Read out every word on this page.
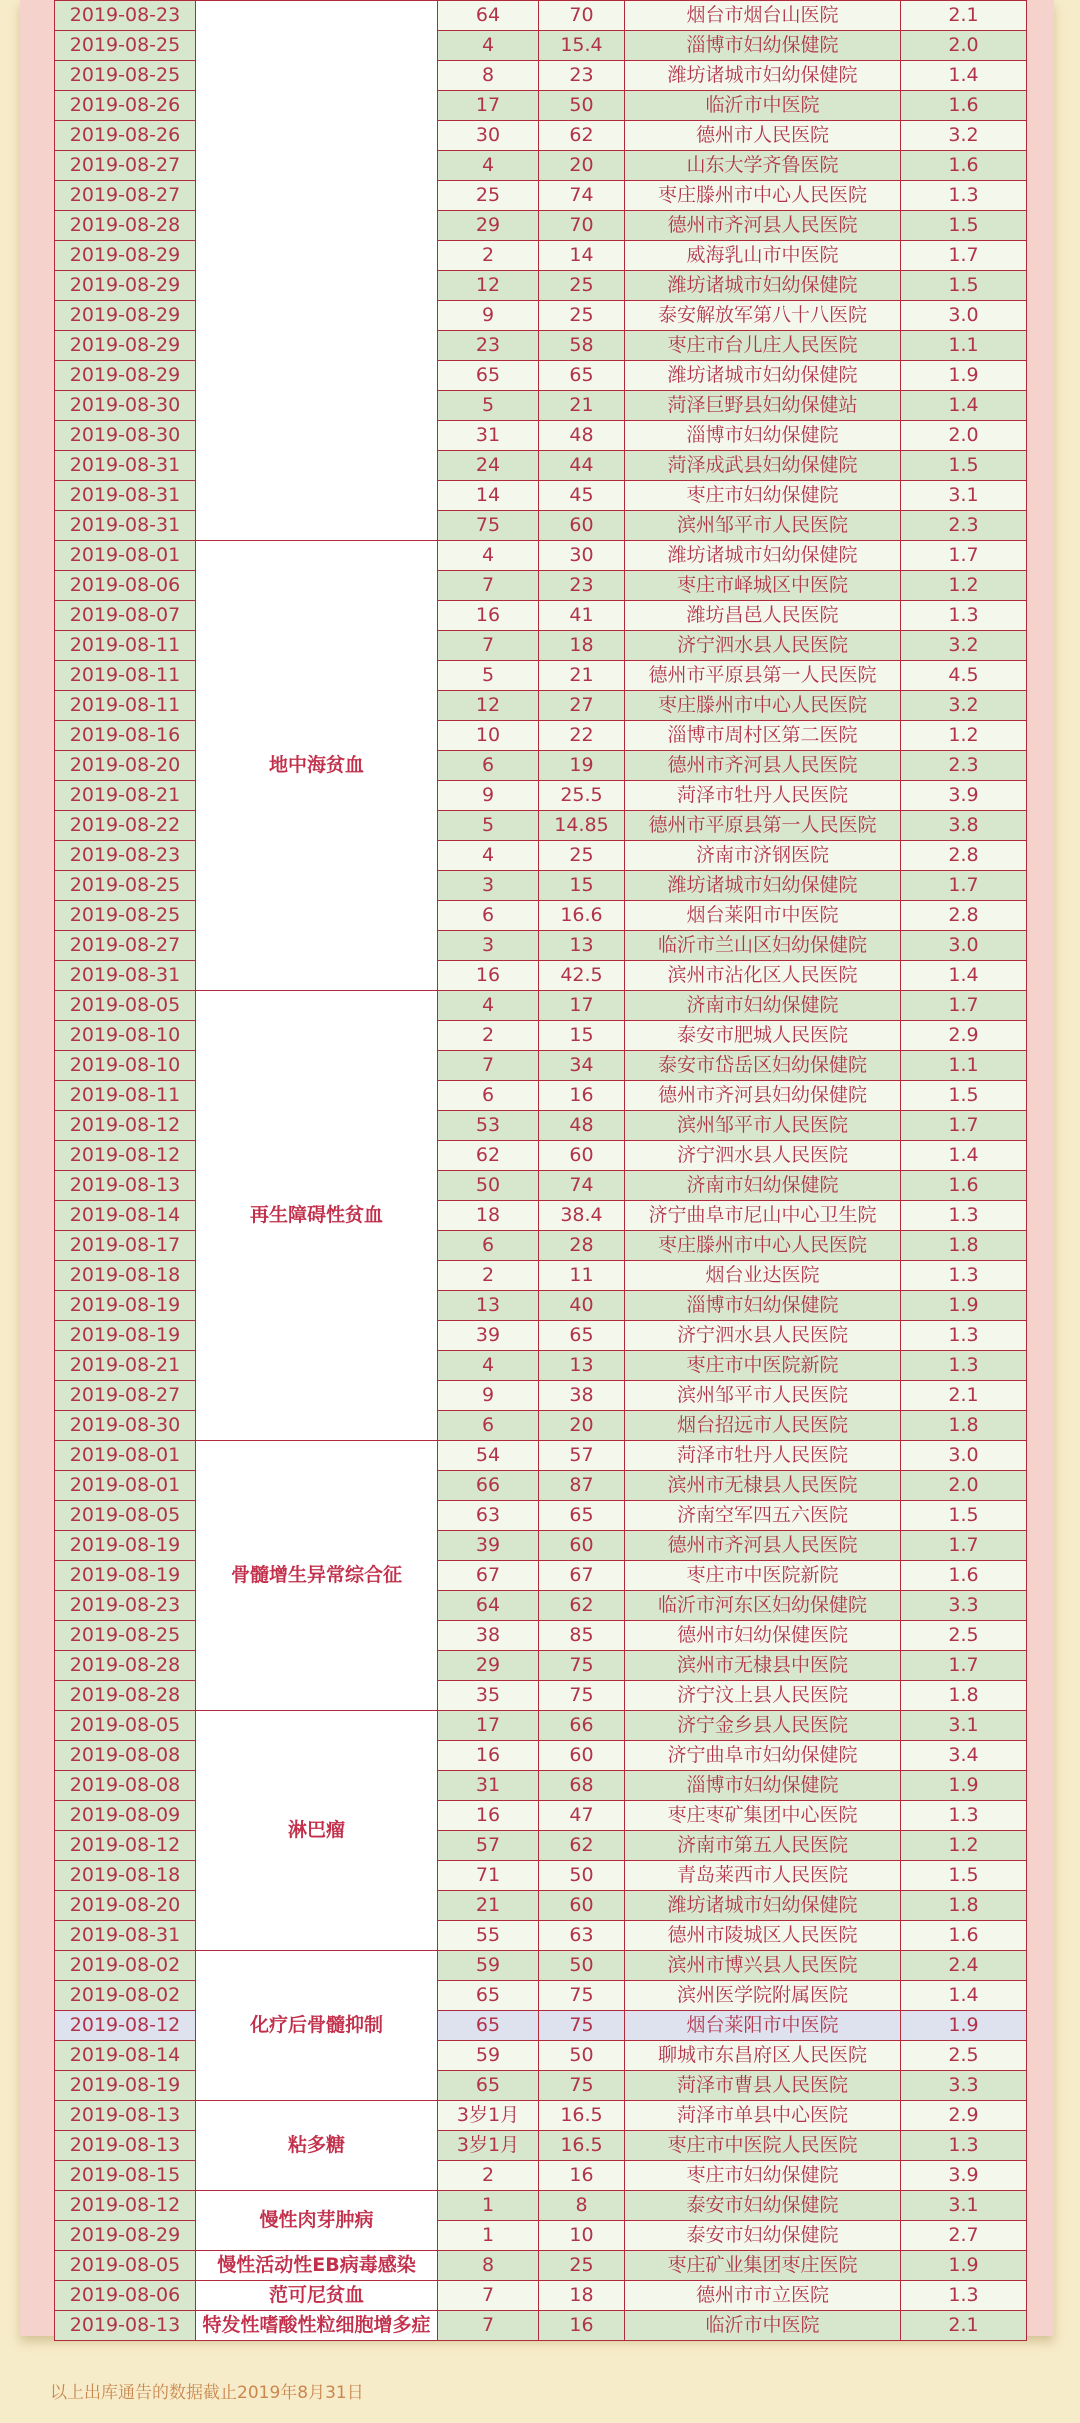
2019-08-23		64	70	烟台市烟台山医院	2.1
2019-08-25		4	15.4	淄博市妇幼保健院	2.0
2019-08-25		8	23	潍坊诸城市妇幼保健院	1.4
2019-08-26		17	50	临沂市中医院	1.6
2019-08-26		30	62	德州市人民医院	3.2
2019-08-27		4	20	山东大学齐鲁医院	1.6
2019-08-27		25	74	枣庄滕州市中心人民医院	1.3
2019-08-28		29	70	德州市齐河县人民医院	1.5
2019-08-29		2	14	威海乳山市中医院	1.7
2019-08-29		12	25	潍坊诸城市妇幼保健院	1.5
2019-08-29		9	25	泰安解放军第八十八医院	3.0
2019-08-29		23	58	枣庄市台儿庄人民医院	1.1
2019-08-29		65	65	潍坊诸城市妇幼保健院	1.9
2019-08-30		5	21	菏泽巨野县妇幼保健站	1.4
2019-08-30		31	48	淄博市妇幼保健院	2.0
2019-08-31		24	44	菏泽成武县妇幼保健院	1.5
2019-08-31		14	45	枣庄市妇幼保健院	3.1
2019-08-31		75	60	滨州邹平市人民医院	2.3
2019-08-01	地中海贫血	4	30	潍坊诸城市妇幼保健院	1.7
2019-08-06		7	23	枣庄市峄城区中医院	1.2
2019-08-07		16	41	潍坊昌邑人民医院	1.3
2019-08-11		7	18	济宁泗水县人民医院	3.2
2019-08-11		5	21	德州市平原县第一人民医院	4.5
2019-08-11		12	27	枣庄滕州市中心人民医院	3.2
2019-08-16		10	22	淄博市周村区第二医院	1.2
2019-08-20		6	19	德州市齐河县人民医院	2.3
2019-08-21		9	25.5	菏泽市牡丹人民医院	3.9
2019-08-22		5	14.85	德州市平原县第一人民医院	3.8
2019-08-23		4	25	济南市济钢医院	2.8
2019-08-25		3	15	潍坊诸城市妇幼保健院	1.7
2019-08-25		6	16.6	烟台莱阳市中医院	2.8
2019-08-27		3	13	临沂市兰山区妇幼保健院	3.0
2019-08-31		16	42.5	滨州市沾化区人民医院	1.4
2019-08-05	再生障碍性贫血	4	17	济南市妇幼保健院	1.7
2019-08-10		2	15	泰安市肥城人民医院	2.9
2019-08-10		7	34	泰安市岱岳区妇幼保健院	1.1
2019-08-11		6	16	德州市齐河县妇幼保健院	1.5
2019-08-12		53	48	滨州邹平市人民医院	1.7
2019-08-12		62	60	济宁泗水县人民医院	1.4
2019-08-13		50	74	济南市妇幼保健院	1.6
2019-08-14		18	38.4	济宁曲阜市尼山中心卫生院	1.3
2019-08-17		6	28	枣庄滕州市中心人民医院	1.8
2019-08-18		2	11	烟台业达医院	1.3
2019-08-19		13	40	淄博市妇幼保健院	1.9
2019-08-19		39	65	济宁泗水县人民医院	1.3
2019-08-21		4	13	枣庄市中医院新院	1.3
2019-08-27		9	38	滨州邹平市人民医院	2.1
2019-08-30		6	20	烟台招远市人民医院	1.8
2019-08-01	骨髓增生异常综合征	54	57	菏泽市牡丹人民医院	3.0
2019-08-01		66	87	滨州市无棣县人民医院	2.0
2019-08-05		63	65	济南空军四五六医院	1.5
2019-08-19		39	60	德州市齐河县人民医院	1.7
2019-08-19		67	67	枣庄市中医院新院	1.6
2019-08-23		64	62	临沂市河东区妇幼保健院	3.3
2019-08-25		38	85	德州市妇幼保健医院	2.5
2019-08-28		29	75	滨州市无棣县中医院	1.7
2019-08-28		35	75	济宁汶上县人民医院	1.8
2019-08-05	淋巴瘤	17	66	济宁金乡县人民医院	3.1
2019-08-08		16	60	济宁曲阜市妇幼保健院	3.4
2019-08-08		31	68	淄博市妇幼保健院	1.9
2019-08-09		16	47	枣庄枣矿集团中心医院	1.3
2019-08-12		57	62	济南市第五人民医院	1.2
2019-08-18		71	50	青岛莱西市人民医院	1.5
2019-08-20		21	60	潍坊诸城市妇幼保健院	1.8
2019-08-31		55	63	德州市陵城区人民医院	1.6
2019-08-02	化疗后骨髓抑制	59	50	滨州市博兴县人民医院	2.4
2019-08-02		65	75	滨州医学院附属医院	1.4
2019-08-12		65	75	烟台莱阳市中医院	1.9
2019-08-14		59	50	聊城市东昌府区人民医院	2.5
2019-08-19		65	75	菏泽市曹县人民医院	3.3
2019-08-13	粘多糖	3岁1月	16.5	菏泽市单县中心医院	2.9
2019-08-13		3岁1月	16.5	枣庄市中医院人民医院	1.3
2019-08-15		2	16	枣庄市妇幼保健院	3.9
2019-08-12	慢性肉芽肿病	1	8	泰安市妇幼保健院	3.1
2019-08-29		1	10	泰安市妇幼保健院	2.7
2019-08-05	慢性活动性EB病毒感染	8	25	枣庄矿业集团枣庄医院	1.9
2019-08-06	范可尼贫血	7	18	德州市市立医院	1.3
2019-08-13	特发性嗜酸性粒细胞增多症	7	16	临沂市中医院	2.1
以上出库通告的数据截止2019年8月31日
